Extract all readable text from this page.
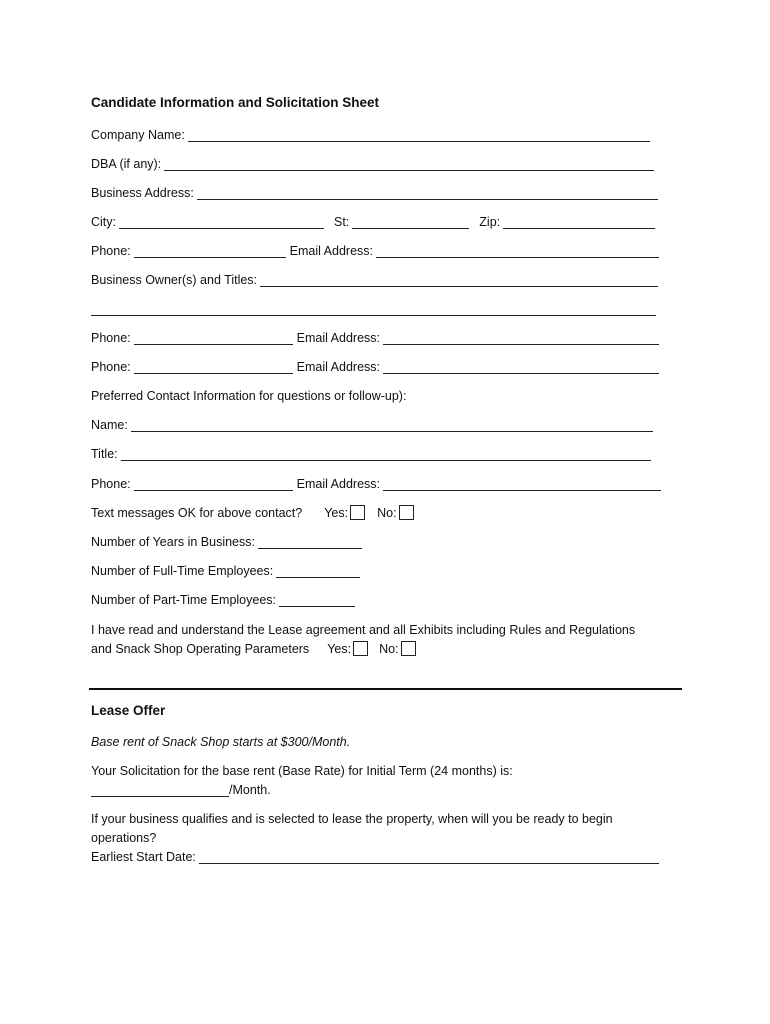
Candidate Information and Solicitation Sheet
Company Name:
DBA (if any):
Business Address:
City:	St:	Zip:
Phone:	Email Address:
Business Owner(s) and Titles:
Phone:	Email Address:
Phone:	Email Address:
Preferred Contact Information for questions or follow-up):
Name:
Title:
Phone:	Email Address:
Text messages OK for above contact? Yes: No:
Number of Years in Business:
Number of Full-Time Employees:
Number of Part-Time Employees:
I have read and understand the Lease agreement and all Exhibits including Rules and Regulations
and Snack Shop Operating Parameters Yes: No:
Lease Offer
Base rent of Snack Shop starts at $300/Month.
Your Solicitation for the base rent (Base Rate) for Initial Term (24 months) is:
/Month.
If your business qualifies and is selected to lease the property, when will you be ready to begin
operations?
Earliest Start Date:
